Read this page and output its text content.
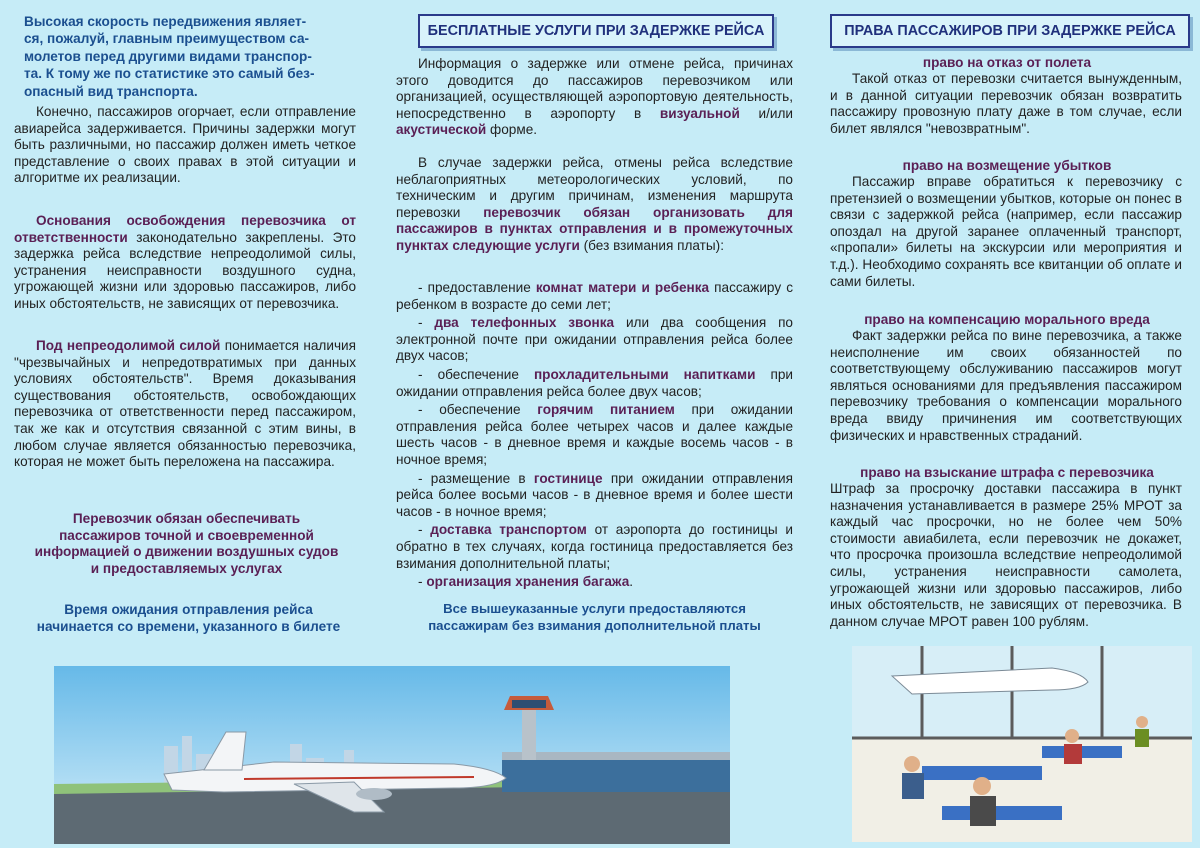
Высокая скорость передвижения являет-
ся, пожалуй, главным преимуществом са-
молетов перед другими видами транспор-
та. К тому же по статистике это самый без-
опасный вид транспорта.

Конечно, пассажиров огорчает, если отправление авиарейса задерживается. Причины задержки могут быть различными, но пассажир должен иметь четкое представление о своих правах в этой ситуации и алгоритме их реализации.

Основания освобождения перевозчика от ответственности законодательно закреплены. Это задержка рейса вследствие непреодолимой силы, устранения неисправности воздушного судна, угрожающей жизни или здоровью пассажиров, либо иных обстоятельств, не зависящих от перевозчика.

Под непреодолимой силой понимается наличия "чрезвычайных и непредотвратимых при данных условиях обстоятельств". Время доказывания существования обстоятельств, освобождающих перевозчика от ответственности перед пассажиром, так же как и отсутствия связанной с этим вины, в любом случае является обязанностью перевозчика, которая не может быть переложена на пассажира.

Перевозчик обязан обеспечивать
пассажиров точной и своевременной
информацией о движении воздушных судов
и предоставляемых услугах
Время ожидания отправления рейса
начинается со времени, указанного в билете
БЕСПЛАТНЫЕ УСЛУГИ ПРИ ЗАДЕРЖКЕ РЕЙСА

Информация о задержке или отмене рейса, причинах этого доводится до пассажиров перевозчиком или организацией, осуществляющей аэропортовую деятельность, непосредственно в аэропорту в визуальной и/или акустической форме.

В случае задержки рейса, отмены рейса вследствие неблагоприятных метеорологических условий, по техническим и другим причинам, изменения маршрута перевозки перевозчик обязан организовать для пассажиров в пунктах отправления и в промежуточных пунктах следующие услуги (без взимания платы):

- предоставление комнат матери и ребенка пассажиру с ребенком в возрасте до семи лет;

- два телефонных звонка или два сообщения по электронной почте при ожидании отправления рейса более двух часов;

- обеспечение прохладительными напитками при ожидании отправления рейса более двух часов;

- обеспечение горячим питанием при ожидании отправления рейса более четырех часов и далее каждые шесть часов - в дневное время и каждые восемь часов - в ночное время;

- размещение в гостинице при ожидании отправления рейса более восьми часов - в дневное время и более шести часов - в ночное время;

- доставка транспортом от аэропорта до гостиницы и обратно в тех случаях, когда гостиница предоставляется без взимания дополнительной платы;

- организация хранения багажа.

Все вышеуказанные услуги предоставляются
пассажирам без взимания дополнительной платы
ПРАВА ПАССАЖИРОВ ПРИ ЗАДЕРЖКЕ РЕЙСА
право на отказ от полета

Такой отказ от перевозки считается вынужденным, и в данной ситуации перевозчик обязан возвратить пассажиру провозную плату даже в том случае, если билет являлся "невозвратным".

право на возмещение убытков

Пассажир вправе обратиться к перевозчику с претензией о возмещении убытков, которые он понес в связи с задержкой рейса (например, если пассажир опоздал на другой заранее оплаченный транспорт, «пропали» билеты на экскурсии или мероприятия и т.д.). Необходимо сохранять все квитанции об оплате и сами билеты.

право на компенсацию морального вреда

Факт задержки рейса по вине перевозчика, а также неисполнение им своих обязанностей по соответствующему обслуживанию пассажиров могут являться основаниями для предъявления пассажиром перевозчику требования о компенсации морального вреда ввиду причинения им соответствующих физических и нравственных страданий.

право на взыскание штрафа с перевозчика

Штраф за просрочку доставки пассажира в пункт назначения устанавливается в размере 25% МРОТ за каждый час просрочки, но не более чем 50% стоимости авиабилета, если перевозчик не докажет, что просрочка произошла вследствие непреодолимой силы, устранения неисправности самолета, угрожающей жизни или здоровью пассажиров, либо иных обстоятельств, не зависящих от перевозчика. В данном случае МРОТ равен 100 рублям.
